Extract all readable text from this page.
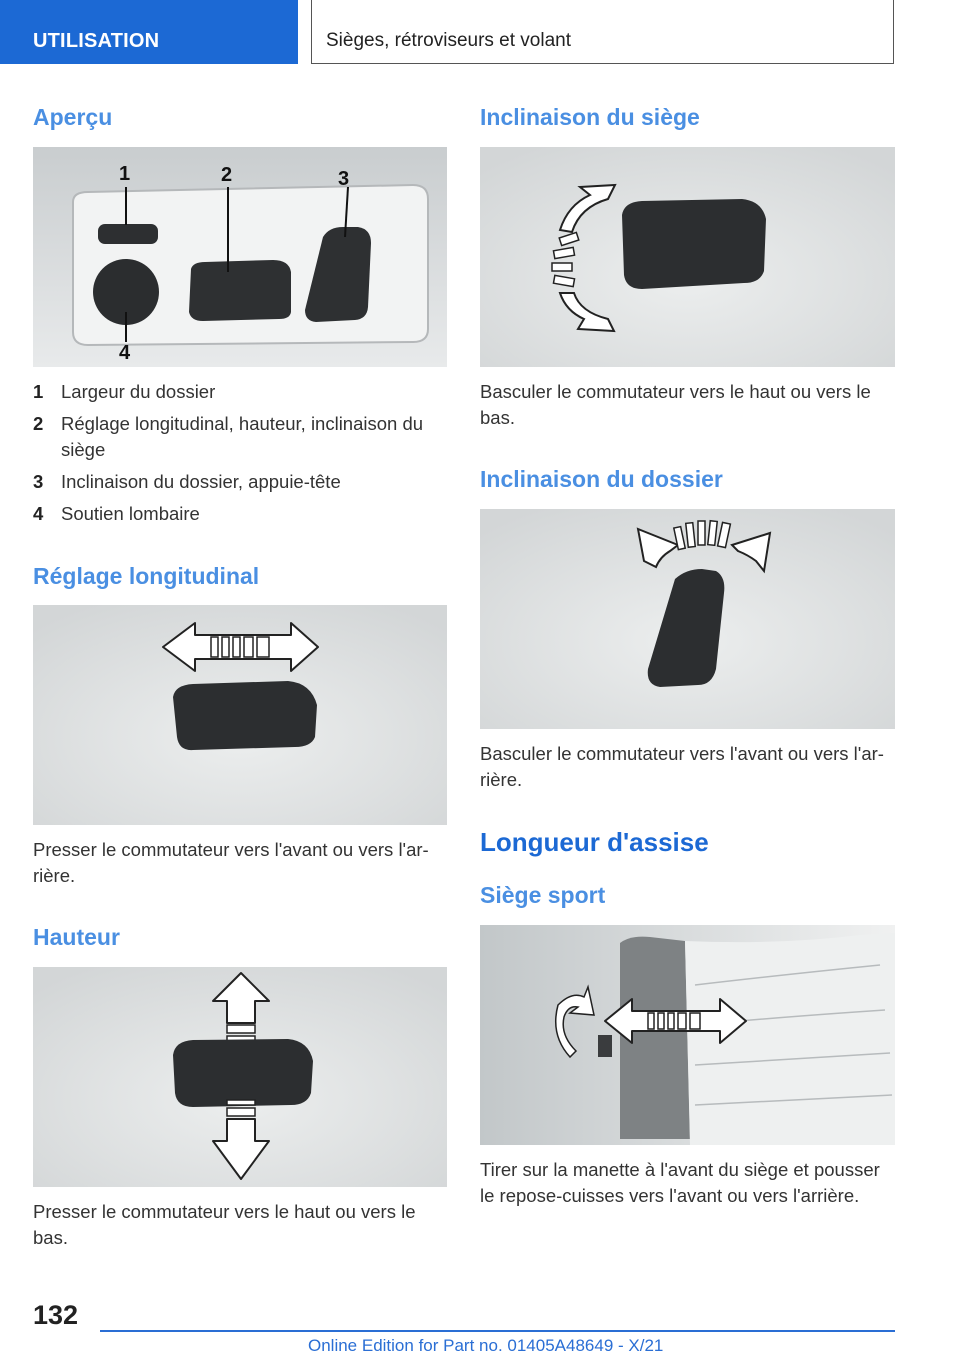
UTILISATION	Sièges, rétroviseurs et volant
Aperçu
1	2	3
4
1 Largeur du dossier
2 Réglage longitudinal, hauteur, inclinaison du
siège
3 Inclinaison du dossier, appuie-tête
4 Soutien lombaire
Réglage longitudinal
Presser le commutateur vers l'avant ou vers l'ar-
rière.
Hauteur
Presser le commutateur vers le haut ou vers le
bas.
Inclinaison du siège
Basculer le commutateur vers le haut ou vers le
bas.
Inclinaison du dossier
Basculer le commutateur vers l'avant ou vers l'ar-
rière.
Longueur d'assise
Siège sport
Tirer sur la manette à l'avant du siège et pousser
le repose-cuisses vers l'avant ou vers l'arrière.
132
Online Edition for Part no. 01405A48649 - X/21
